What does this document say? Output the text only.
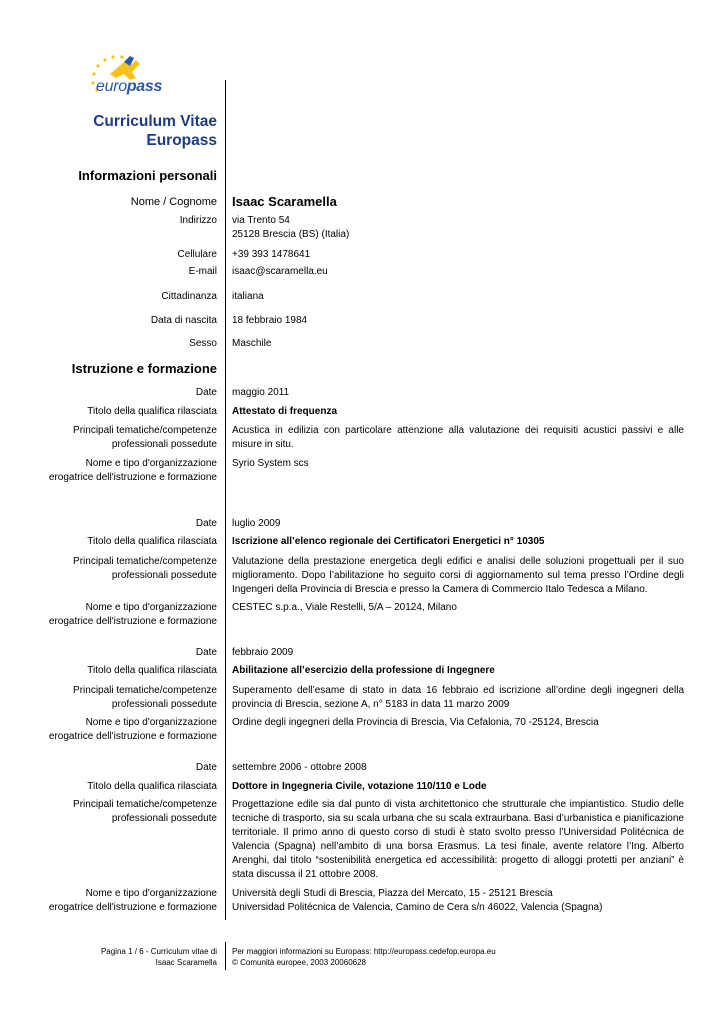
europass
Curriculum Vitae
Europass
Informazioni personali
Nome / Cognome Isaac Scaramella
Indirizzo via Trento 54
25128 Brescia (BS) (Italia)
Cellulare +39 393 1478641
E-mail isaac@scaramella.eu
Cittadinanza italiana
Data di nascita 18 febbraio 1984
Sesso Maschile
Istruzione e formazione
Date maggio 2011
Titolo della qualifica rilasciata Attestato di frequenza
Principali tematiche/competenze
professionali possedute
Acustica in edilizia con particolare attenzione alla valutazione dei requisiti acustici passivi e alle misure in situ.
Nome e tipo d'organizzazione
erogatrice dell'istruzione e formazione
Syrio System scs
Date luglio 2009
Titolo della qualifica rilasciata Iscrizione all’elenco regionale dei Certificatori Energetici n° 10305
Principali tematiche/competenze
professionali possedute
Valutazione della prestazione energetica degli edifici e analisi delle soluzioni progettuali per il suo miglioramento. Dopo l’abilitazione ho seguito corsi di aggiornamento sul tema presso l’Ordine degli Ingengeri della Provincia di Brescia e presso la Camera di Commercio Italo Tedesca a Milano.
Nome e tipo d'organizzazione
erogatrice dell'istruzione e formazione
CESTEC s.p.a., Viale Restelli, 5/A – 20124, Milano
Date febbraio 2009
Titolo della qualifica rilasciata Abilitazione all’esercizio della professione di Ingegnere
Principali tematiche/competenze
professionali possedute
Superamento dell’esame di stato in data 16 febbraio ed iscrizione all’ordine degli ingegneri della provincia di Brescia, sezione A, n° 5183 in data 11 marzo 2009
Nome e tipo d'organizzazione
erogatrice dell'istruzione e formazione
Ordine degli ingegneri della Provincia di Brescia, Via Cefalonia, 70 -25124, Brescia
Date settembre 2006 - ottobre 2008
Titolo della qualifica rilasciata Dottore in Ingegneria Civile, votazione 110/110 e Lode
Principali tematiche/competenze
professionali possedute
Progettazione edile sia dal punto di vista architettonico che strutturale che impiantistico. Studio delle tecniche di trasporto, sia su scala urbana che su scala extraurbana. Basi d’urbanistica e pianificazione territoriale. Il primo anno di questo corso di studi è stato svolto presso l’Universidad Politécnica de Valencia (Spagna) nell’ambito di una borsa Erasmus. La tesi finale, avente relatore l’Ing. Alberto Arenghi, dal titolo “sostenibilità energetica ed accessibilità: progetto di alloggi protetti per anziani” è stata discussa il 21 ottobre 2008.
Nome e tipo d'organizzazione
erogatrice dell'istruzione e formazione
Università degli Studi di Brescia, Piazza del Mercato, 15 - 25121 Brescia
Universidad Politécnica de Valencia, Camino de Cera s/n 46022, Valencia (Spagna)
Pagina 1 / 6 - Curriculum vitae di
Isaac Scaramella
Per maggiori informazioni su Europass: http://europass.cedefop.europa.eu
© Comunità europee, 2003 20060628
